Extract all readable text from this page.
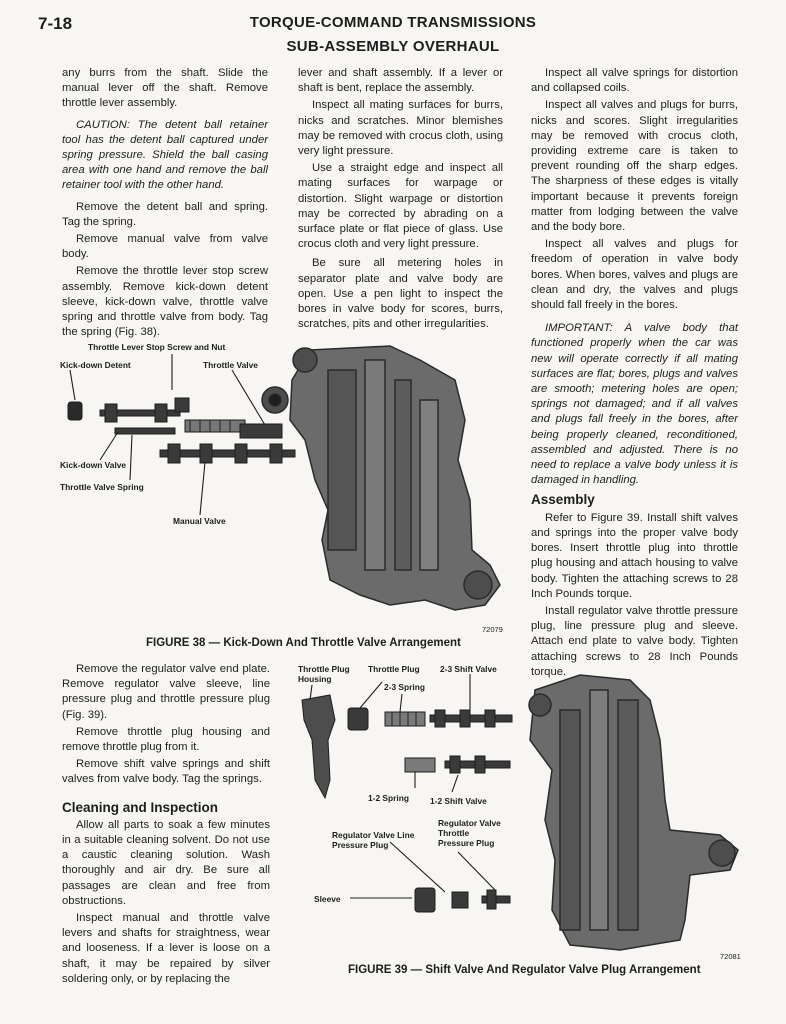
7-18	TORQUE-COMMAND TRANSMISSIONS
SUB-ASSEMBLY OVERHAUL

any burrs from the shaft. Slide the manual lever off the shaft. Remove throttle lever assembly.

CAUTION: The detent ball retainer tool has the detent ball captured under spring pressure. Shield the ball casing area with one hand and remove the ball retainer tool with the other hand.

Remove the detent ball and spring. Tag the spring.

Remove manual valve from valve body.

Remove the throttle lever stop screw assembly. Remove kick-down detent sleeve, kick-down valve, throttle valve spring and throttle valve from body. Tag the spring (Fig. 38).

lever and shaft assembly. If a lever or shaft is bent, replace the assembly.

Inspect all mating surfaces for burrs, nicks and scratches. Minor blemishes may be removed with crocus cloth, using very light pressure.

Use a straight edge and inspect all mating surfaces for warpage or distortion. Slight warpage or distortion may be corrected by abrading on a surface plate or flat piece of glass. Use crocus cloth and very light pressure.

Be sure all metering holes in separator plate and valve body are open. Use a pen light to inspect the bores in valve body for scores, burrs, scratches, pits and other irregularities.

Inspect all valve springs for distortion and collapsed coils.

Inspect all valves and plugs for burrs, nicks and scores. Slight irregularities may be removed with crocus cloth, providing extreme care is taken to prevent rounding off the sharp edges. The sharpness of these edges is vitally important because it prevents foreign matter from lodging between the valve and the body bore.

Inspect all valves and plugs for freedom of operation in valve body bores. When bores, valves and plugs are clean and dry, the valves and plugs should fall freely in the bores.

IMPORTANT: A valve body that functioned properly when the car was new will operate correctly if all mating surfaces are flat; bores, plugs and valves are smooth; metering holes are open; springs not damaged; and if all valves and plugs fall freely in the bores, after being properly cleaned, reconditioned, assembled and adjusted. There is no need to replace a valve body unless it is damaged in handling.

Assembly

Refer to Figure 39. Install shift valves and springs into the proper valve body bores. Insert throttle plug into throttle plug housing and attach housing to valve body. Tighten the attaching screws to 28 Inch Pounds torque.

Install regulator valve throttle pressure plug, line pressure plug and sleeve. Attach end plate to valve body. Tighten attaching screws to 28 Inch Pounds torque.

Remove the regulator valve end plate. Remove regulator valve sleeve, line pressure plug and throttle pressure plug (Fig. 39).

Remove throttle plug housing and remove throttle plug from it.

Remove shift valve springs and shift valves from valve body. Tag the springs.

Cleaning and Inspection

Allow all parts to soak a few minutes in a suitable cleaning solvent. Do not use a caustic cleaning solution. Wash thoroughly and air dry. Be sure all passages are clean and free from obstructions.

Inspect manual and throttle valve levers and shafts for straightness, wear and looseness. If a lever is loose on a shaft, it may be repaired by silver soldering only, or by replacing the

Throttle Lever Stop Screw and Nut
Kick-down Detent	Throttle Valve
Kick-down Valve
Throttle Valve Spring
Manual Valve
72079
FIGURE 38 — Kick-Down And Throttle Valve Arrangement
Throttle Plug
Housing
Throttle Plug 2-3 Shift Valve
2-3 Spring
1-2 Spring	1-2 Shift Valve
Regulator Valve Line
Pressure Plug
Regulator Valve
Throttle
Pressure Plug
Sleeve
72081
FIGURE 39 — Shift Valve And Regulator Valve Plug Arrangement
